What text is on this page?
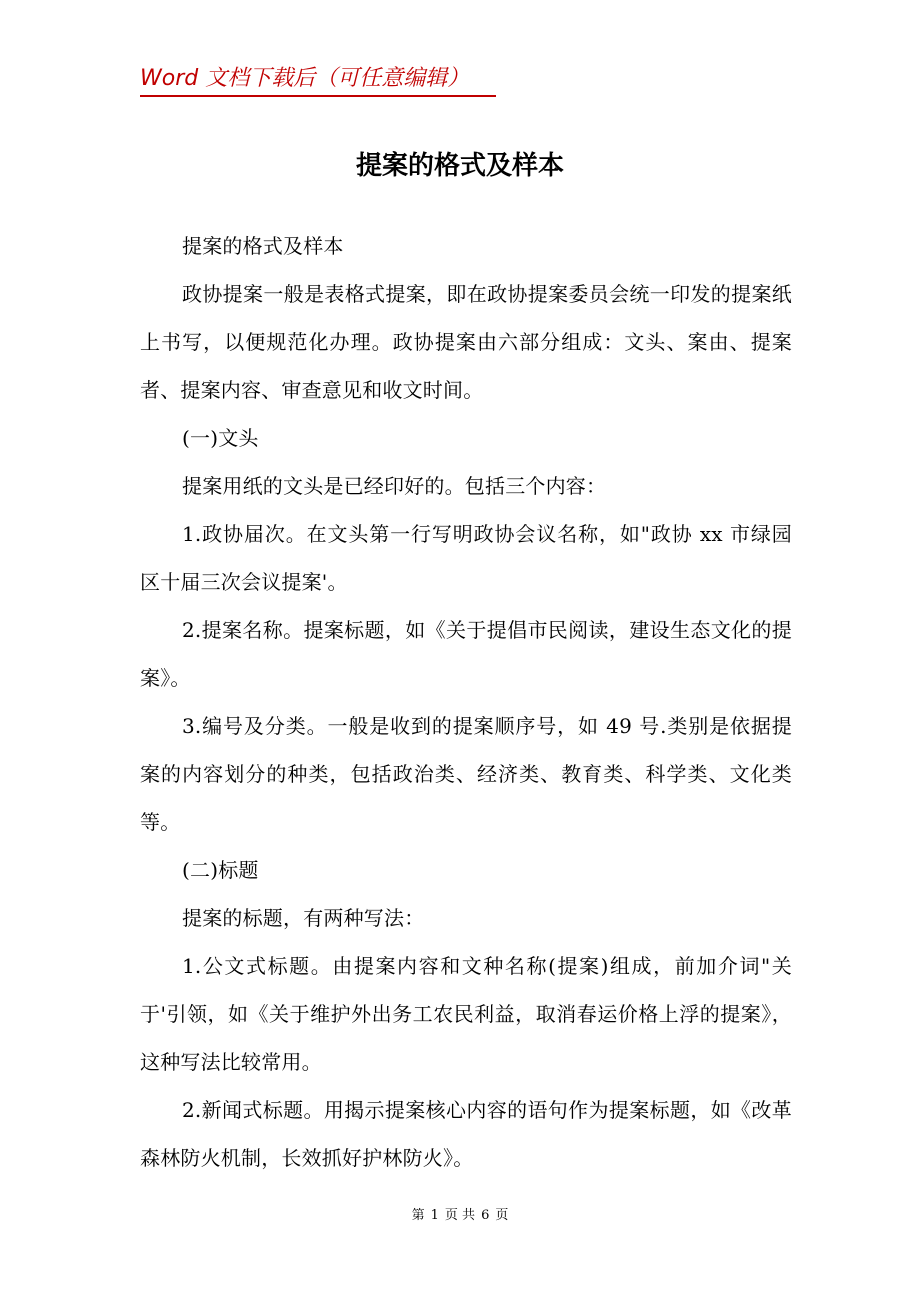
Word 文档下载后（可任意编辑）
提案的格式及样本

提案的格式及样本

政协提案一般是表格式提案，即在政协提案委员会统一印发的提案纸上书写，以便规范化办理。政协提案由六部分组成：文头、案由、提案者、提案内容、审查意见和收文时间。

(一)文头

提案用纸的文头是已经印好的。包括三个内容：

1.政协届次。在文头第一行写明政协会议名称，如"政协 xx 市绿园区十届三次会议提案'。

2.提案名称。提案标题，如《关于提倡市民阅读，建设生态文化的提案》。

3.编号及分类。一般是收到的提案顺序号，如 49 号.类别是依据提案的内容划分的种类，包括政治类、经济类、教育类、科学类、文化类等。

(二)标题

提案的标题，有两种写法：

1.公文式标题。由提案内容和文种名称(提案)组成，前加介词"关于'引领，如《关于维护外出务工农民利益，取消春运价格上浮的提案》，这种写法比较常用。

2.新闻式标题。用揭示提案核心内容的语句作为提案标题，如《改革森林防火机制，长效抓好护林防火》。

第 1 页 共 6 页
